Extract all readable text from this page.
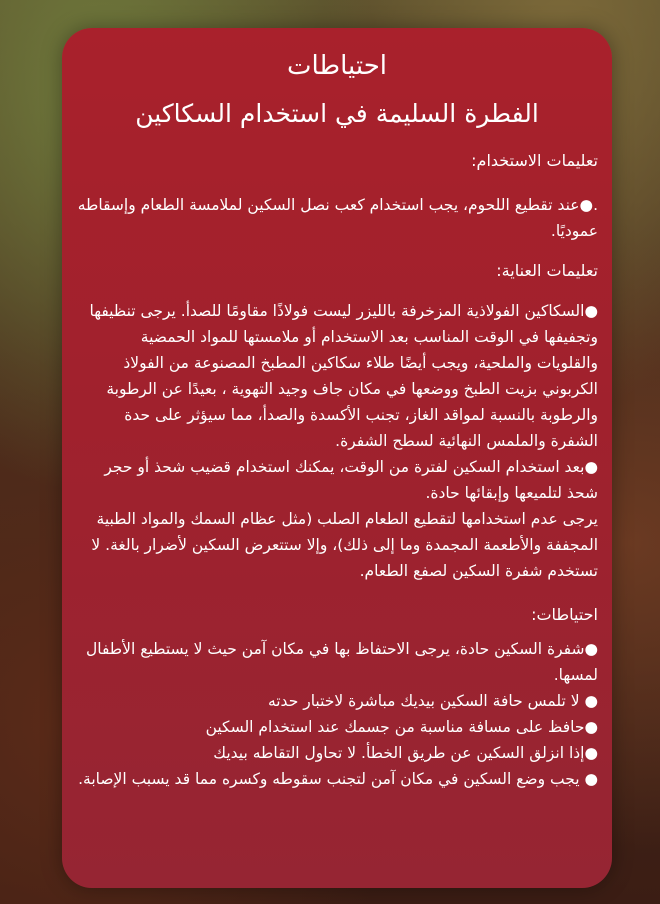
احتياطات
الفطرة السليمة في استخدام السكاكين
تعليمات الاستخدام:

.●عند تقطيع اللحوم، يجب استخدام كعب نصل السكين لملامسة الطعام وإسقاطه عموديًا.

تعليمات العناية:

●السكاكين الفولاذية المزخرفة بالليزر ليست فولاذًا مقاومًا للصدأ. يرجى تنظيفها وتجفيفها في الوقت المناسب بعد الاستخدام أو ملامستها للمواد الحمضية والقلويات والملحية، ويجب أيضًا طلاء سكاكين المطبخ المصنوعة من الفولاذ الكربوني بزيت الطبخ ووضعها في مكان جاف وجيد التهوية ، بعيدًا عن الرطوبة والرطوبة بالنسبة لمواقد الغاز، تجنب الأكسدة والصدأ، مما سيؤثر على حدة الشفرة والملمس النهائية لسطح الشفرة.

●بعد استخدام السكين لفترة من الوقت، يمكنك استخدام قضيب شحذ أو حجر شحذ لتلميعها وإبقائها حادة.

يرجى عدم استخدامها لتقطيع الطعام الصلب (مثل عظام السمك والمواد الطبية المجففة والأطعمة المجمدة وما إلى ذلك)، وإلا ستتعرض السكين لأضرار بالغة. لا تستخدم شفرة السكين لصفع الطعام.

احتياطات:
●شفرة السكين حادة، يرجى الاحتفاظ بها في مكان آمن حيث لا يستطيع الأطفال لمسها.
● لا تلمس حافة السكين بيديك مباشرة لاختبار حدته
●حافظ على مسافة مناسبة من جسمك عند استخدام السكين
●إذا انزلق السكين عن طريق الخطأ. لا تحاول التقاطه بيديك
● يجب وضع السكين في مكان آمن لتجنب سقوطه وكسره مما قد يسبب الإصابة.
